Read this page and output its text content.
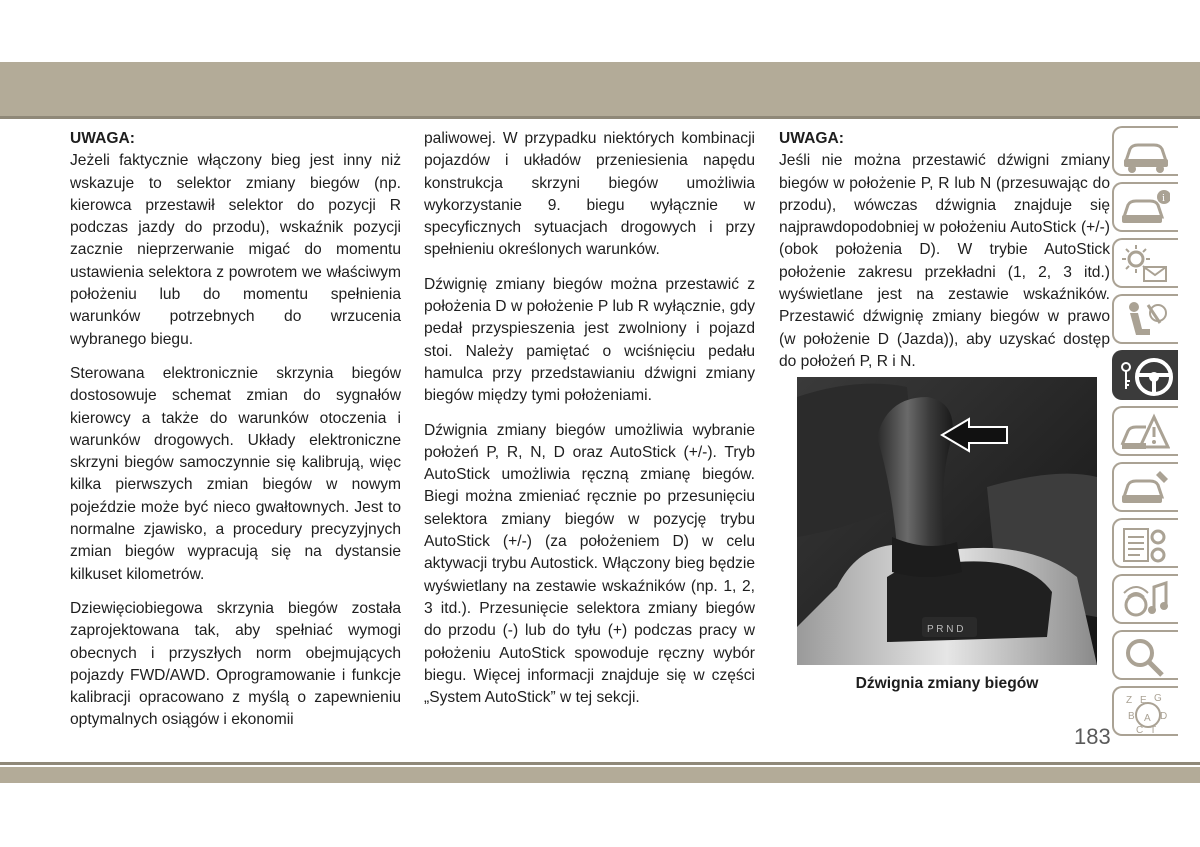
UWAGA:

Jeżeli faktycznie włączony bieg jest inny niż wskazuje to selektor zmiany biegów (np. kierowca przestawił selektor do pozycji R podczas jazdy do przodu), wskaźnik pozycji zacznie nieprzerwanie migać do momentu ustawienia selektora z powrotem we właściwym położeniu lub do momentu spełnienia warunków potrzebnych do wrzucenia wybranego biegu.

Sterowana elektronicznie skrzynia biegów dostosowuje schemat zmian do sygnałów kierowcy a także do warunków otoczenia i warunków drogowych. Układy elektroniczne skrzyni biegów samoczynnie się kalibrują, więc kilka pierwszych zmian biegów w nowym pojeździe może być nieco gwałtownych. Jest to normalne zjawisko, a procedury precyzyjnych zmian biegów wypracują się na dystansie kilkuset kilometrów.

Dziewięciobiegowa skrzynia biegów została zaprojektowana tak, aby spełniać wymogi obecnych i przyszłych norm obejmujących pojazdy FWD/AWD. Oprogramowanie i funkcje kalibracji opracowano z myślą o zapewnieniu optymalnych osiągów i ekonomii

paliwowej. W przypadku niektórych kombinacji pojazdów i układów przeniesienia napędu konstrukcja skrzyni biegów umożliwia wykorzystanie 9. biegu wyłącznie w specyficznych sytuacjach drogowych i przy spełnieniu określonych warunków.

Dźwignię zmiany biegów można przestawić z położenia D w położenie P lub R wyłącznie, gdy pedał przyspieszenia jest zwolniony i pojazd stoi. Należy pamiętać o wciśnięciu pedału hamulca przy przedstawianiu dźwigni zmiany biegów między tymi położeniami.

Dźwignia zmiany biegów umożliwia wybranie położeń P, R, N, D oraz AutoStick (+/-). Tryb AutoStick umożliwia ręczną zmianę biegów. Biegi można zmieniać ręcznie po przesunięciu selektora zmiany biegów w pozycję trybu AutoStick (+/-) (za położeniem D) w celu aktywacji trybu Autostick. Włączony bieg będzie wyświetlany na zestawie wskaźników (np. 1, 2, 3 itd.). Przesunięcie selektora zmiany biegów do przodu (-) lub do tyłu (+) podczas pracy w położeniu AutoStick spowoduje ręczny wybór biegu. Więcej informacji znajduje się w części „System AutoStick” w tej sekcji.

UWAGA:

Jeśli nie można przestawić dźwigni zmiany biegów w położenie P, R lub N (przesuwając do przodu), wówczas dźwignia znajduje się najprawdopodobniej w położeniu AutoStick (+/-) (obok położenia D). W trybie AutoStick położenie zakresu przekładni (1, 2, 3 itd.) wyświetlane jest na zestawie wskaźników. Przestawić dźwignię zmiany biegów w prawo (w położenie D (Jazda)), aby uzyskać dostęp do położeń P, R i N.

P R N D
Dźwignia zmiany biegów
i
Z E G
B A D
C T
183
